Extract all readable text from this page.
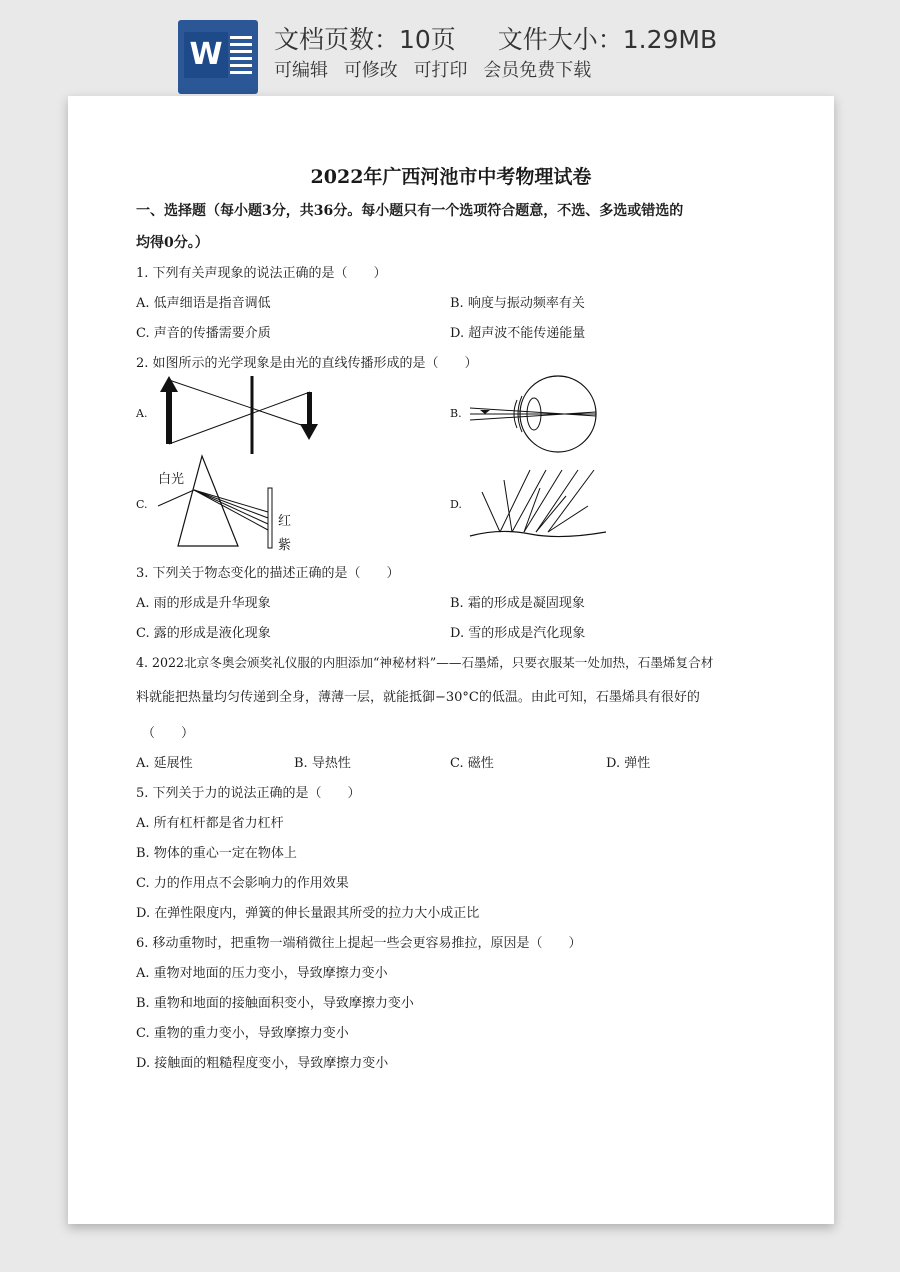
W 文档页数：10页 文件大小：1.29MB
可编辑 可修改 可打印 会员免费下载
2022年广西河池市中考物理试卷
一、选择题（每小题3分，共36分。每小题只有一个选项符合题意，不选、多选或错选的
均得0分。）
1. 下列有关声现象的说法正确的是（　　）
A. 低声细语是指音调低	B. 响度与振动频率有关
C. 声音的传播需要介质	D. 超声波不能传递能量
2. 如图所示的光学现象是由光的直线传播形成的是（　　）
A.	B.
C.	D.
白光
红
紫
3. 下列关于物态变化的描述正确的是（　　）
A. 雨的形成是升华现象	B. 霜的形成是凝固现象
C. 露的形成是液化现象	D. 雪的形成是汽化现象
4. 2022北京冬奥会颁奖礼仪服的内胆添加“神秘材料”——石墨烯，只要衣服某一处加热，石墨烯复合材
料就能把热量均匀传递到全身，薄薄一层，就能抵御−30°C的低温。由此可知，石墨烯具有很好的
（　　）
A. 延展性	B. 导热性	C. 磁性	D. 弹性
5. 下列关于力的说法正确的是（　　）
A. 所有杠杆都是省力杠杆
B. 物体的重心一定在物体上
C. 力的作用点不会影响力的作用效果
D. 在弹性限度内，弹簧的伸长量跟其所受的拉力大小成正比
6. 移动重物时，把重物一端稍微往上提起一些会更容易推拉，原因是（　　）
A. 重物对地面的压力变小，导致摩擦力变小
B. 重物和地面的接触面积变小，导致摩擦力变小
C. 重物的重力变小，导致摩擦力变小
D. 接触面的粗糙程度变小，导致摩擦力变小
